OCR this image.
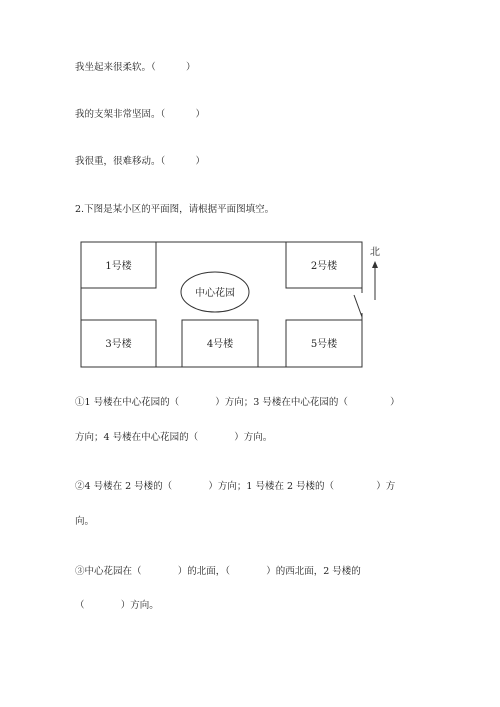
我坐起来很柔软。（          ）
我的支架非常坚固。（          ）
我很重，很难移动。（          ）
2.下图是某小区的平面图，请根据平面图填空。
1号楼	2号楼
3号楼	4号楼	5号楼
中心花园
北
①1 号楼在中心花园的（            ）方向；3 号楼在中心花园的（              ）
方向；4 号楼在中心花园的（            ）方向。
②4 号楼在 2 号楼的（            ）方向；1 号楼在 2 号楼的（              ）方
向。
③中心花园在（            ）的北面，（            ）的西北面，2 号楼的
（            ）方向。
